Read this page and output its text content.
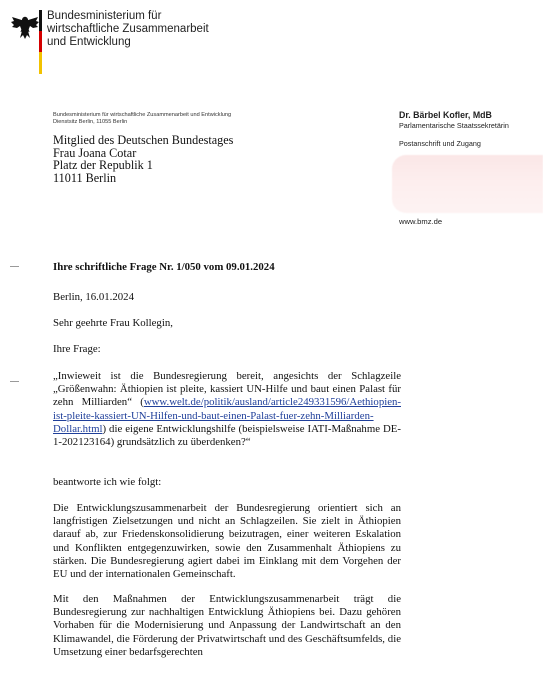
Bundesministerium für
wirtschaftliche Zusammenarbeit
und Entwicklung
Bundesministerium für wirtschaftliche Zusammenarbeit und Entwicklung
Dienstsitz Berlin, 11055 Berlin
Mitglied des Deutschen Bundestages
Frau Joana Cotar
Platz der Republik 1
11011 Berlin
Dr. Bärbel Kofler, MdB
Parlamentarische Staatssekretärin
Postanschrift und Zugang
www.bmz.de
Ihre schriftliche Frage Nr. 1/050 vom 09.01.2024
Berlin, 16.01.2024
Sehr geehrte Frau Kollegin,
Ihre Frage:
„Inwieweit ist die Bundesregierung bereit, angesichts der Schlagzeile „Größenwahn: Äthiopien ist pleite, kassiert UN-Hilfe und baut einen Palast für zehn Milliarden“ (www.welt.de/politik/ausland/article249331596/Aethiopien-ist-pleite-kassiert-UN-Hilfen-und-baut-einen-Palast-fuer-zehn-Milliarden-Dollar.html) die eigene Entwicklungshilfe (beispielsweise IATI-Maßnahme DE-1-202123164) grundsätzlich zu überdenken?“
beantworte ich wie folgt:
Die Entwicklungszusammenarbeit der Bundesregierung orientiert sich an langfristigen Zielsetzungen und nicht an Schlagzeilen. Sie zielt in Äthiopien darauf ab, zur Friedenskonsolidierung beizutragen, einer weiteren Eskalation und Konflikten entgegenzuwirken, sowie den Zusammenhalt Äthiopiens zu stärken. Die Bundesregierung agiert dabei im Einklang mit dem Vorgehen der EU und der internationalen Gemeinschaft.
Mit den Maßnahmen der Entwicklungszusammenarbeit trägt die Bundesregierung zur nachhaltigen Entwicklung Äthiopiens bei. Dazu gehören Vorhaben für die Modernisierung und Anpassung der Landwirtschaft an den Klimawandel, die Förderung der Privatwirtschaft und des Geschäftsumfelds, die Umsetzung einer bedarfsgerechten
